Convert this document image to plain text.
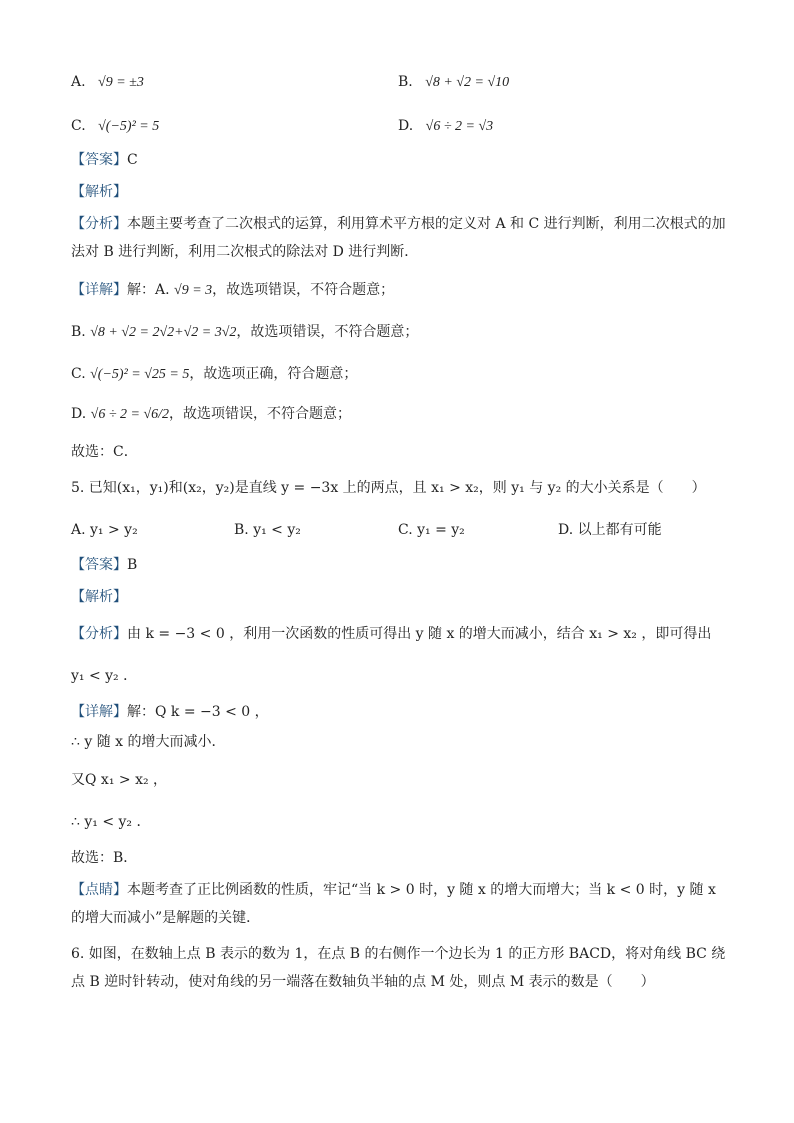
A. √9 = ±3	B. √8 + √2 = √10
C. √(−5)² = 5	D. √6 ÷ 2 = √3
【答案】C
【解析】
【分析】本题主要考查了二次根式的运算，利用算术平方根的定义对 A 和 C 进行判断，利用二次根式的加法对 B 进行判断，利用二次根式的除法对 D 进行判断．
【详解】解：A. √9 = 3，故选项错误，不符合题意；
B. √8 + √2 = 2√2+√2 = 3√2，故选项错误，不符合题意；
C. √(−5)² = √25 = 5，故选项正确，符合题意；
D. √6 ÷ 2 = √6/2，故选项错误，不符合题意；
故选：C．
5. 已知(x₁，y₁)和(x₂，y₂)是直线 y = −3x 上的两点，且 x₁ > x₂，则 y₁ 与 y₂ 的大小关系是（　　）
A. y₁ > y₂	B. y₁ < y₂	C. y₁ = y₂	D. 以上都有可能
【答案】B
【解析】
【分析】由 k = −3 < 0 ，利用一次函数的性质可得出 y 随 x 的增大而减小，结合 x₁ > x₂ ，即可得出
y₁ < y₂ ．
【详解】解：Q k = −3 < 0 ，
∴ y 随 x 的增大而减小．
又Q x₁ > x₂ ，
∴ y₁ < y₂ ．
故选：B．
【点睛】本题考查了正比例函数的性质，牢记“当 k > 0 时，y 随 x 的增大而增大；当 k < 0 时，y 随 x 的增大而减小”是解题的关键．
6. 如图，在数轴上点 B 表示的数为 1，在点 B 的右侧作一个边长为 1 的正方形 BACD，将对角线 BC 绕点 B 逆时针转动，使对角线的另一端落在数轴负半轴的点 M 处，则点 M 表示的数是（　　）
